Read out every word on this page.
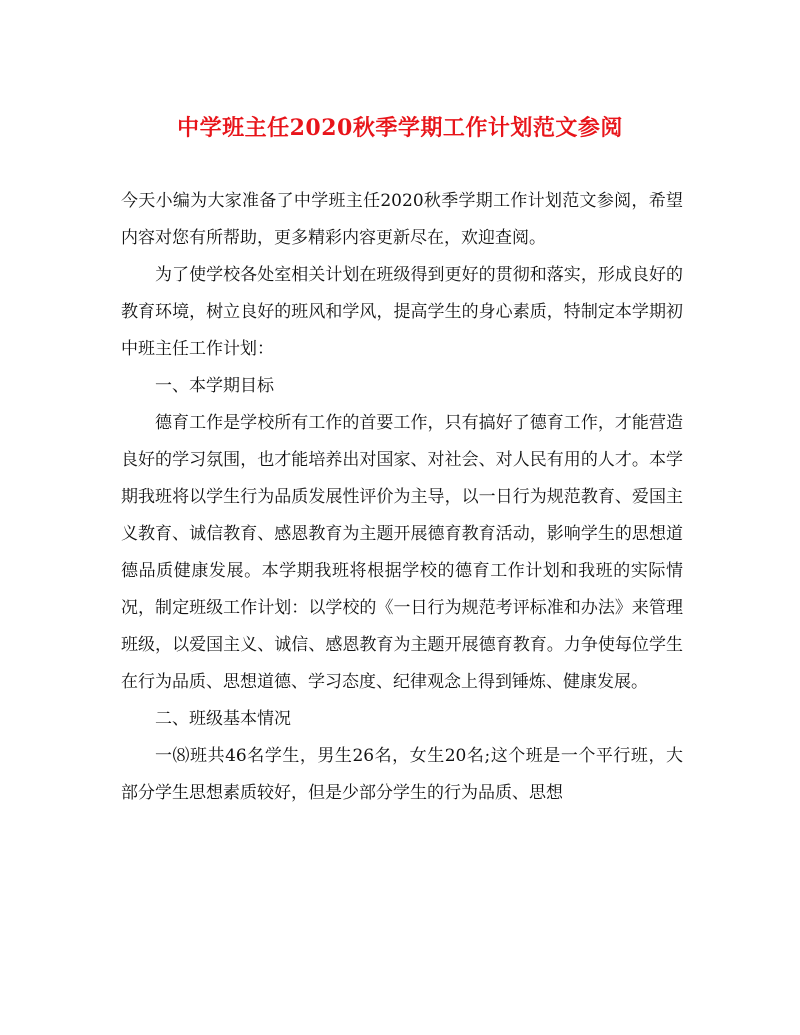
中学班主任2020秋季学期工作计划范文参阅

今天小编为大家准备了中学班主任2020秋季学期工作计划范文参阅，希望内容对您有所帮助，更多精彩内容更新尽在，欢迎查阅。

为了使学校各处室相关计划在班级得到更好的贯彻和落实，形成良好的教育环境，树立良好的班风和学风，提高学生的身心素质，特制定本学期初中班主任工作计划：

一、本学期目标

德育工作是学校所有工作的首要工作，只有搞好了德育工作，才能营造良好的学习氛围，也才能培养出对国家、对社会、对人民有用的人才。本学期我班将以学生行为品质发展性评价为主导，以一日行为规范教育、爱国主义教育、诚信教育、感恩教育为主题开展德育教育活动，影响学生的思想道德品质健康发展。本学期我班将根据学校的德育工作计划和我班的实际情况，制定班级工作计划：以学校的《一日行为规范考评标准和办法》来管理班级，以爱国主义、诚信、感恩教育为主题开展德育教育。力争使每位学生在行为品质、思想道德、学习态度、纪律观念上得到锤炼、健康发展。

二、班级基本情况

一⑻班共46名学生，男生26名，女生20名;这个班是一个平行班，大部分学生思想素质较好，但是少部分学生的行为品质、思想
